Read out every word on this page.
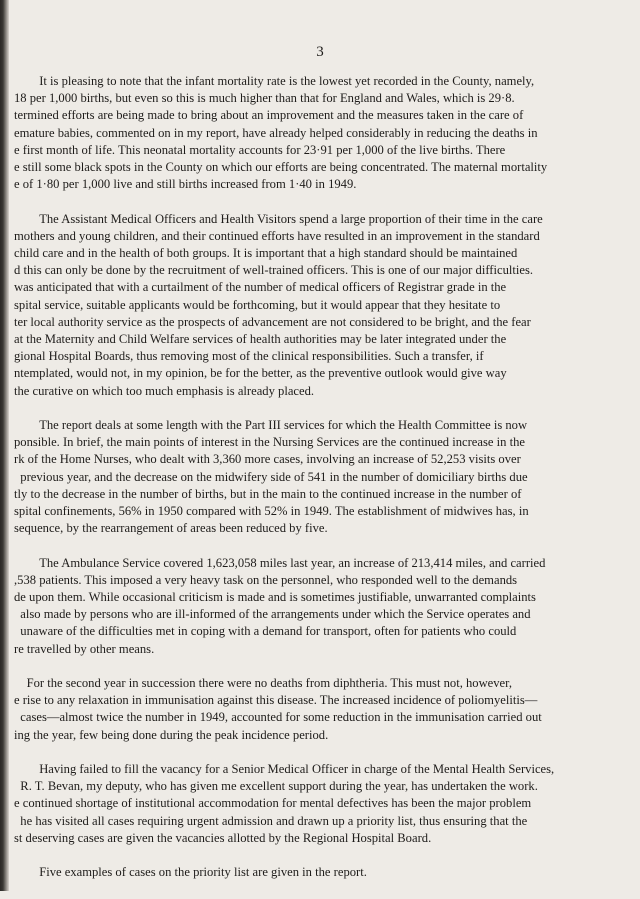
3
It is pleasing to note that the infant mortality rate is the lowest yet recorded in the County, namely,
18 per 1,000 births, but even so this is much higher than that for England and Wales, which is 29·8.
termined efforts are being made to bring about an improvement and the measures taken in the care of
emature babies, commented on in my report, have already helped considerably in reducing the deaths in
e first month of life. This neonatal mortality accounts for 23·91 per 1,000 of the live births. There
e still some black spots in the County on which our efforts are being concentrated. The maternal mortality
e of 1·80 per 1,000 live and still births increased from 1·40 in 1949.
The Assistant Medical Officers and Health Visitors spend a large proportion of their time in the care
mothers and young children, and their continued efforts have resulted in an improvement in the standard
child care and in the health of both groups. It is important that a high standard should be maintained
d this can only be done by the recruitment of well-trained officers. This is one of our major difficulties.
was anticipated that with a curtailment of the number of medical officers of Registrar grade in the
spital service, suitable applicants would be forthcoming, but it would appear that they hesitate to
ter local authority service as the prospects of advancement are not considered to be bright, and the fear
at the Maternity and Child Welfare services of health authorities may be later integrated under the
gional Hospital Boards, thus removing most of the clinical responsibilities. Such a transfer, if
ntemplated, would not, in my opinion, be for the better, as the preventive outlook would give way
the curative on which too much emphasis is already placed.
The report deals at some length with the Part III services for which the Health Committee is now
ponsible. In brief, the main points of interest in the Nursing Services are the continued increase in the
rk of the Home Nurses, who dealt with 3,360 more cases, involving an increase of 52,253 visits over
previous year, and the decrease on the midwifery side of 541 in the number of domiciliary births due
tly to the decrease in the number of births, but in the main to the continued increase in the number of
spital confinements, 56% in 1950 compared with 52% in 1949. The establishment of midwives has, in
sequence, by the rearrangement of areas been reduced by five.
The Ambulance Service covered 1,623,058 miles last year, an increase of 213,414 miles, and carried
,538 patients. This imposed a very heavy task on the personnel, who responded well to the demands
de upon them. While occasional criticism is made and is sometimes justifiable, unwarranted complaints
also made by persons who are ill-informed of the arrangements under which the Service operates and
unaware of the difficulties met in coping with a demand for transport, often for patients who could
re travelled by other means.
For the second year in succession there were no deaths from diphtheria. This must not, however,
e rise to any relaxation in immunisation against this disease. The increased incidence of poliomyelitis—
cases—almost twice the number in 1949, accounted for some reduction in the immunisation carried out
ing the year, few being done during the peak incidence period.
Having failed to fill the vacancy for a Senior Medical Officer in charge of the Mental Health Services,
R. T. Bevan, my deputy, who has given me excellent support during the year, has undertaken the work.
e continued shortage of institutional accommodation for mental defectives has been the major problem
he has visited all cases requiring urgent admission and drawn up a priority list, thus ensuring that the
st deserving cases are given the vacancies allotted by the Regional Hospital Board.
Five examples of cases on the priority list are given in the report.
